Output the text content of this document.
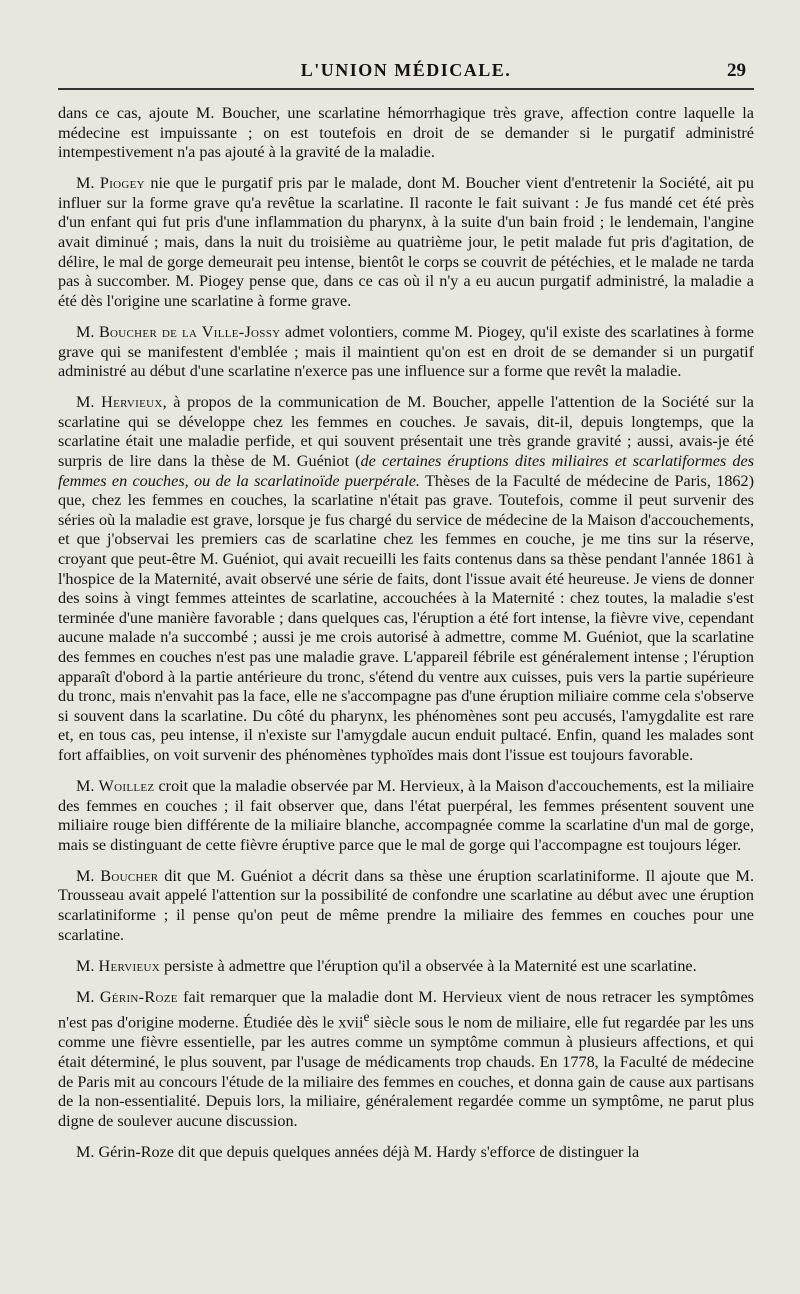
L'UNION MÉDICALE.	29

dans ce cas, ajoute M. Boucher, une scarlatine hémorrhagique très grave, affection contre laquelle la médecine est impuissante ; on est toutefois en droit de se demander si le purgatif administré intempestivement n'a pas ajouté à la gravité de la maladie.

M. Piogey nie que le purgatif pris par le malade, dont M. Boucher vient d'entretenir la Société, ait pu influer sur la forme grave qu'a revêtue la scarlatine. Il raconte le fait suivant : Je fus mandé cet été près d'un enfant qui fut pris d'une inflammation du pharynx, à la suite d'un bain froid ; le lendemain, l'angine avait diminué ; mais, dans la nuit du troisième au quatrième jour, le petit malade fut pris d'agitation, de délire, le mal de gorge demeurait peu intense, bientôt le corps se couvrit de pétéchies, et le malade ne tarda pas à succomber. M. Piogey pense que, dans ce cas où il n'y a eu aucun purgatif administré, la maladie a été dès l'origine une scarlatine à forme grave.

M. Boucher de la Ville-Jossy admet volontiers, comme M. Piogey, qu'il existe des scarlatines à forme grave qui se manifestent d'emblée ; mais il maintient qu'on est en droit de se demander si un purgatif administré au début d'une scarlatine n'exerce pas une influence sur a forme que revêt la maladie.

M. Hervieux, à propos de la communication de M. Boucher, appelle l'attention de la Société sur la scarlatine qui se développe chez les femmes en couches. Je savais, dit-il, depuis longtemps, que la scarlatine était une maladie perfide, et qui souvent présentait une très grande gravité ; aussi, avais-je été surpris de lire dans la thèse de M. Guéniot (de certaines éruptions dites miliaires et scarlatiformes des femmes en couches, ou de la scarlatinoïde puerpérale. Thèses de la Faculté de médecine de Paris, 1862) que, chez les femmes en couches, la scarlatine n'était pas grave. Toutefois, comme il peut survenir des séries où la maladie est grave, lorsque je fus chargé du service de médecine de la Maison d'accouchements, et que j'observai les premiers cas de scarlatine chez les femmes en couche, je me tins sur la réserve, croyant que peut-être M. Guéniot, qui avait recueilli les faits contenus dans sa thèse pendant l'année 1861 à l'hospice de la Maternité, avait observé une série de faits, dont l'issue avait été heureuse. Je viens de donner des soins à vingt femmes atteintes de scarlatine, accouchées à la Maternité : chez toutes, la maladie s'est terminée d'une manière favorable ; dans quelques cas, l'éruption a été fort intense, la fièvre vive, cependant aucune malade n'a succombé ; aussi je me crois autorisé à admettre, comme M. Guéniot, que la scarlatine des femmes en couches n'est pas une maladie grave. L'appareil fébrile est généralement intense ; l'éruption apparaît d'obord à la partie antérieure du tronc, s'étend du ventre aux cuisses, puis vers la partie supérieure du tronc, mais n'envahit pas la face, elle ne s'accompagne pas d'une éruption miliaire comme cela s'observe si souvent dans la scarlatine. Du côté du pharynx, les phénomènes sont peu accusés, l'amygdalite est rare et, en tous cas, peu intense, il n'existe sur l'amygdale aucun enduit pultacé. Enfin, quand les malades sont fort affaiblies, on voit survenir des phénomènes typhoïdes mais dont l'issue est toujours favorable.

M. Woillez croit que la maladie observée par M. Hervieux, à la Maison d'accouchements, est la miliaire des femmes en couches ; il fait observer que, dans l'état puerpéral, les femmes présentent souvent une miliaire rouge bien différente de la miliaire blanche, accompagnée comme la scarlatine d'un mal de gorge, mais se distinguant de cette fièvre éruptive parce que le mal de gorge qui l'accompagne est toujours léger.

M. Boucher dit que M. Guéniot a décrit dans sa thèse une éruption scarlatiniforme. Il ajoute que M. Trousseau avait appelé l'attention sur la possibilité de confondre une scarlatine au début avec une éruption scarlatiniforme ; il pense qu'on peut de même prendre la miliaire des femmes en couches pour une scarlatine.

M. Hervieux persiste à admettre que l'éruption qu'il a observée à la Maternité est une scarlatine.

M. Gérin-Roze fait remarquer que la maladie dont M. Hervieux vient de nous retracer les symptômes n'est pas d'origine moderne. Étudiée dès le xvii$^e$ siècle sous le nom de miliaire, elle fut regardée par les uns comme une fièvre essentielle, par les autres comme un symptôme commun à plusieurs affections, et qui était déterminé, le plus souvent, par l'usage de médicaments trop chauds. En 1778, la Faculté de médecine de Paris mit au concours l'étude de la miliaire des femmes en couches, et donna gain de cause aux partisans de la non-essentialité. Depuis lors, la miliaire, généralement regardée comme un symptôme, ne parut plus digne de soulever aucune discussion.

M. Gérin-Roze dit que depuis quelques années déjà M. Hardy s'efforce de distinguer la
